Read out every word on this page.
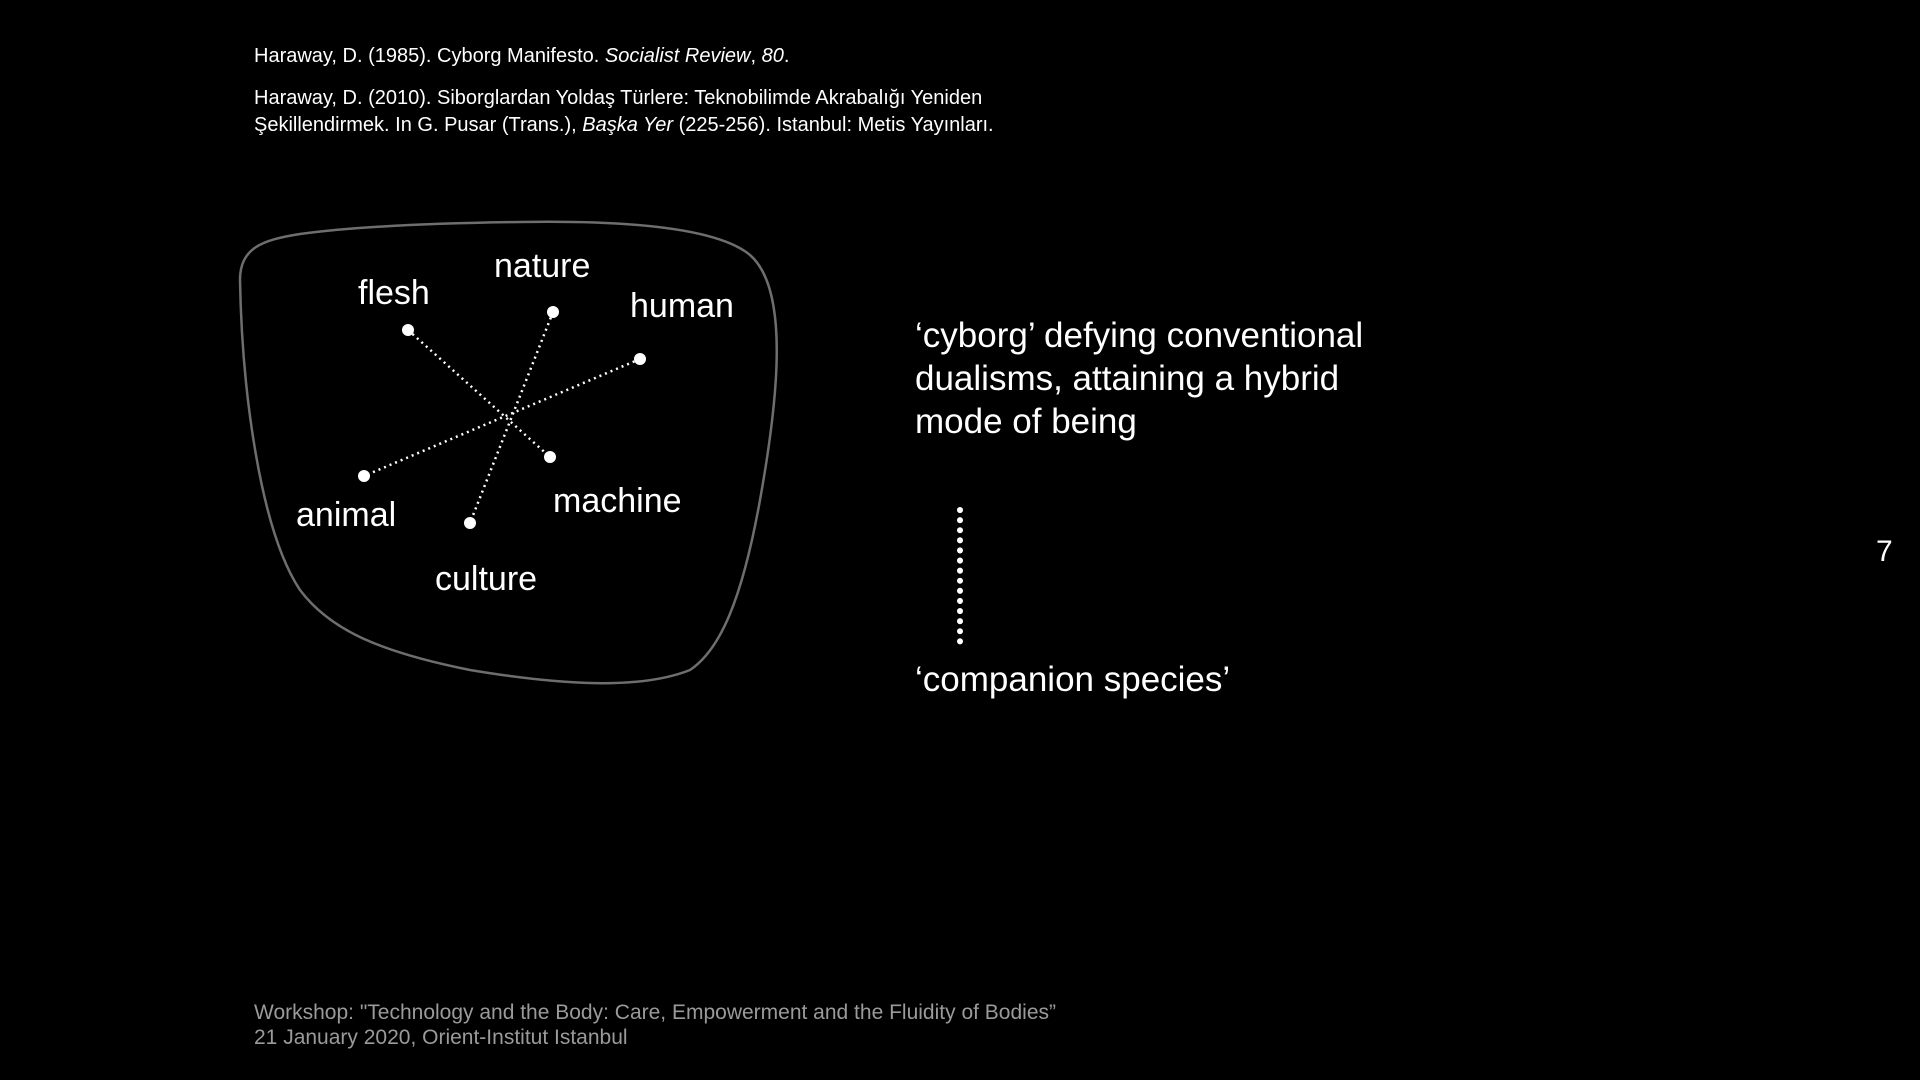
Haraway, D. (1985). Cyborg Manifesto. Socialist Review, 80.
Haraway, D. (2010). Siborglardan Yoldaş Türlere: Teknobilimde Akrabalığı Yeniden
Şekillendirmek. In G. Pusar (Trans.), Başka Yer (225-256). Istanbul: Metis Yayınları.
flesh
nature
human
animal	machine
culture
‘cyborg’ defying conventional dualisms, attaining a hybrid mode of being
‘companion species’
7
Workshop: "Technology and the Body: Care, Empowerment and the Fluidity of Bodies”
21 January 2020, Orient-Institut Istanbul
